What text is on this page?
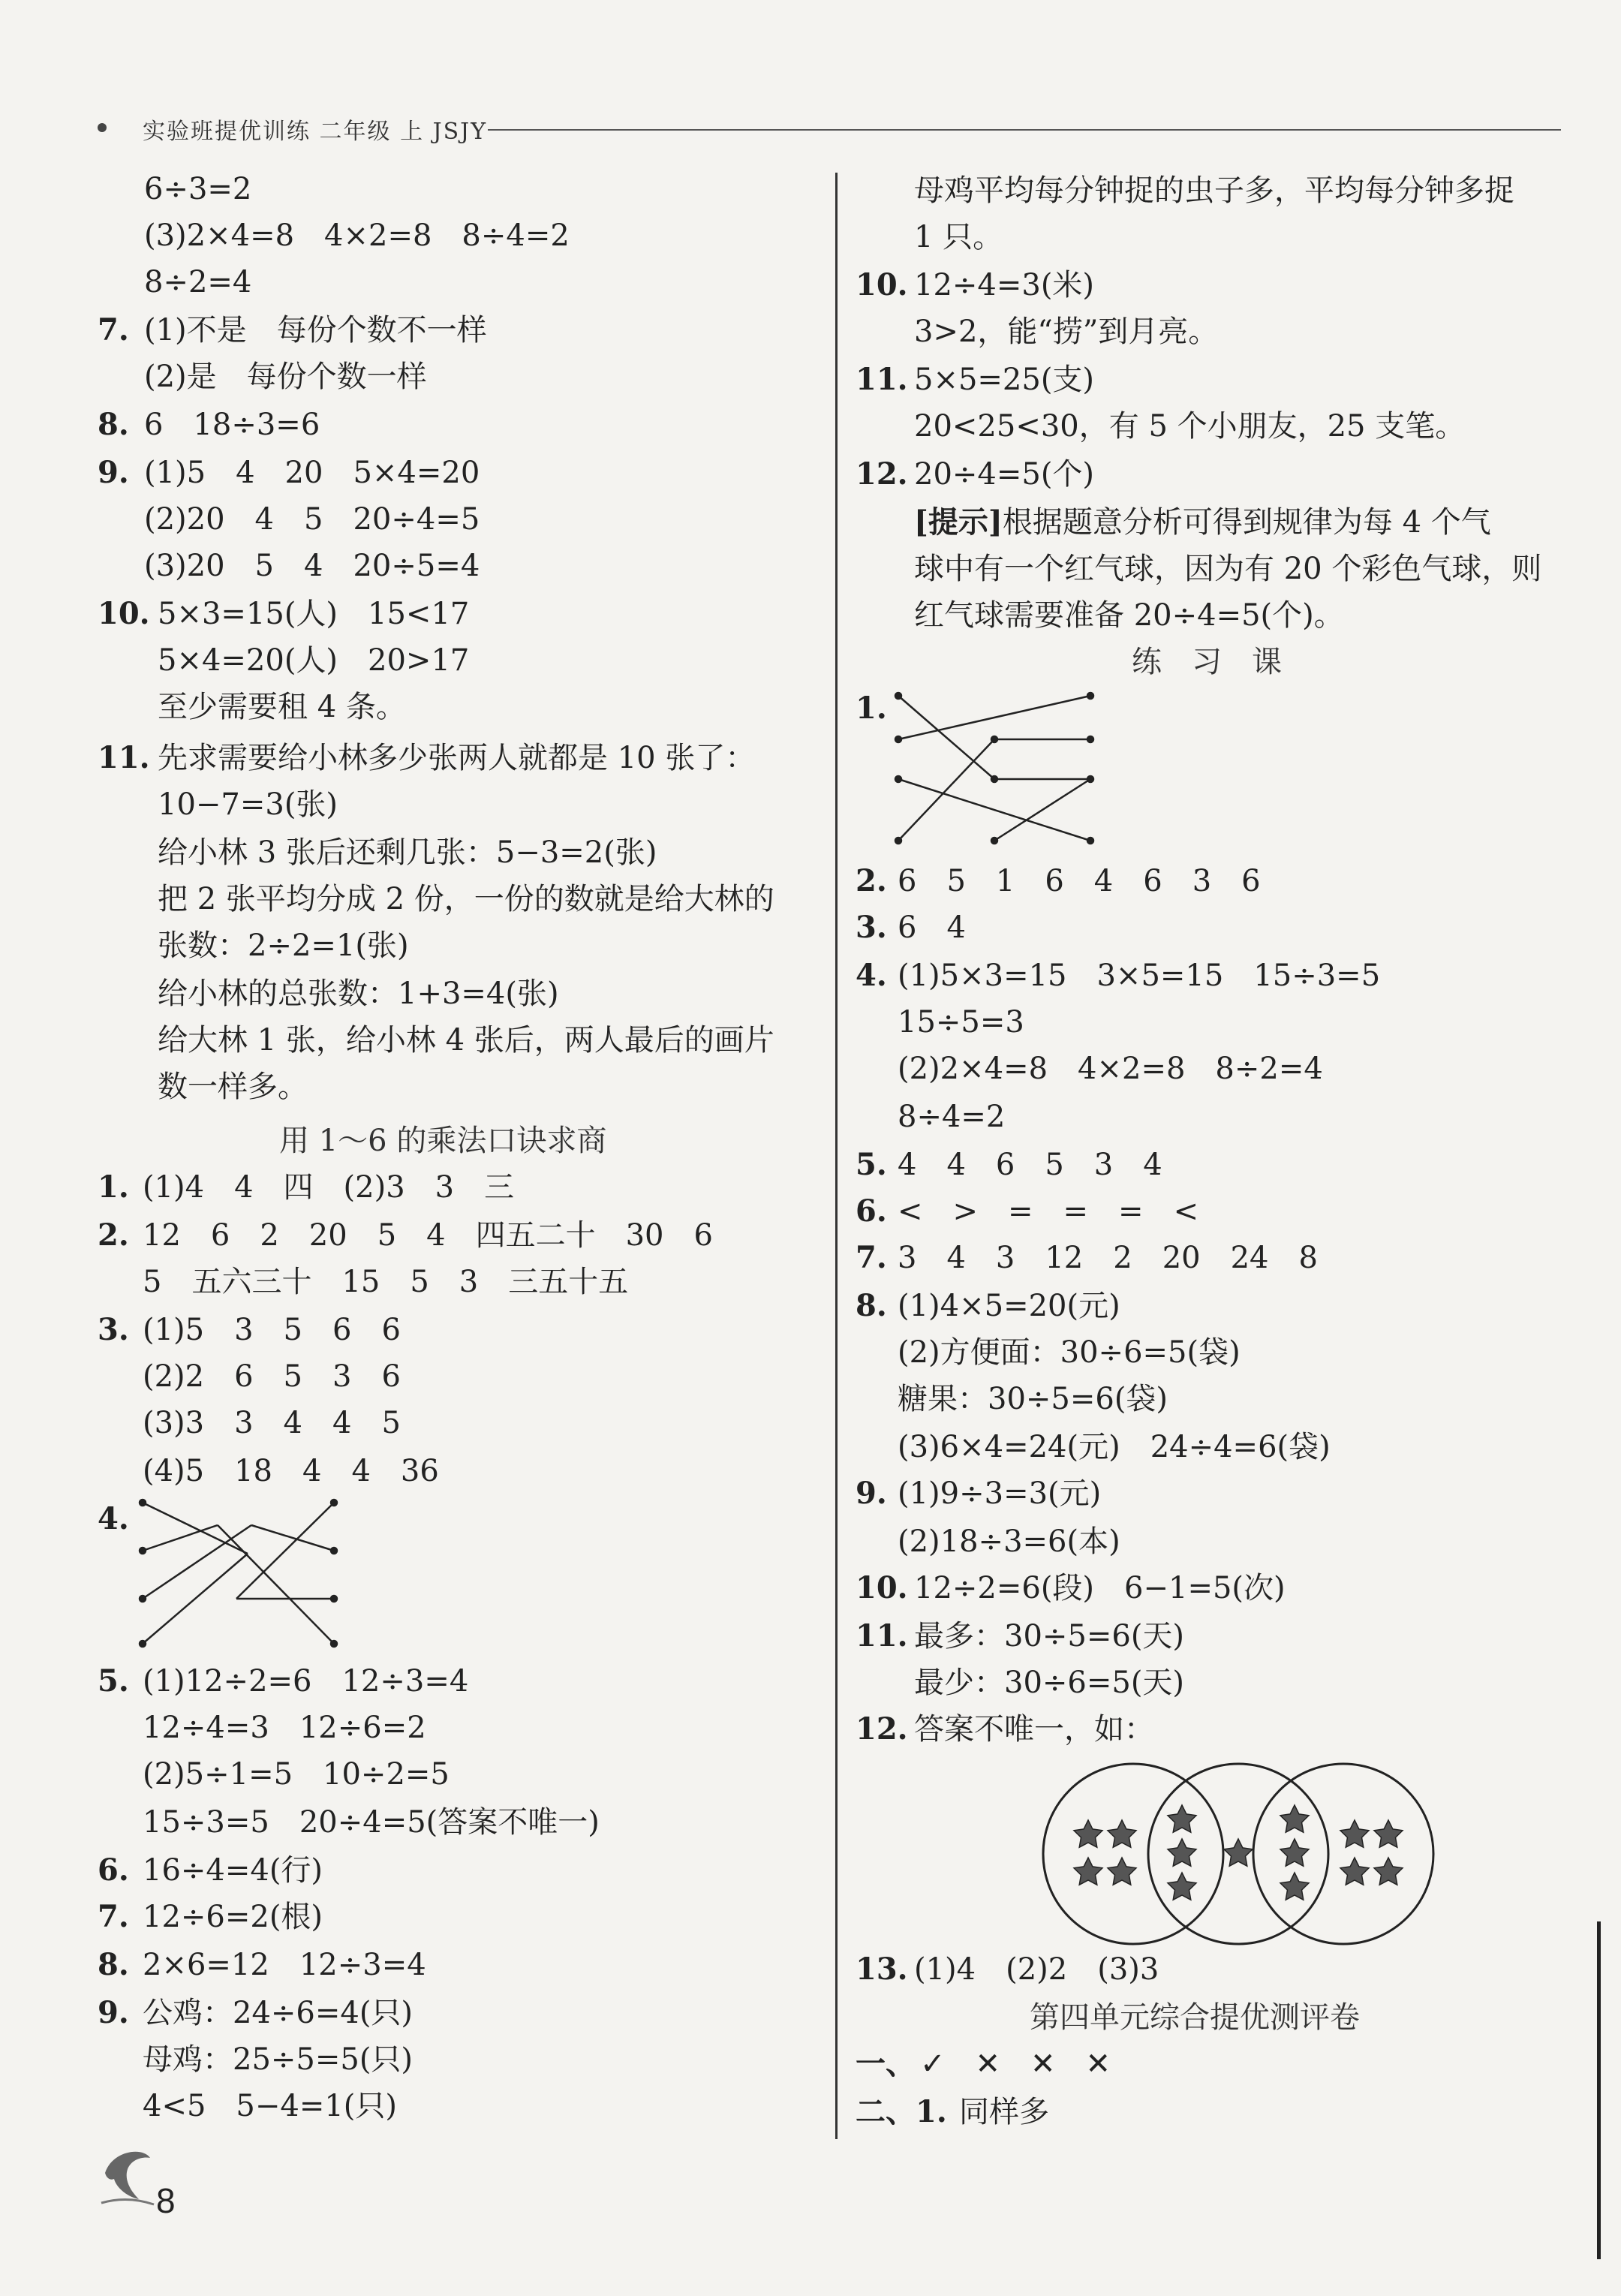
实验班提优训练 二年级 上 JSJY
6÷3=2
(3)2×4=8　4×2=8　8÷4=2
8÷2=4
7. (1)不是　每份个数不一样
(2)是　每份个数一样
8. 6　18÷3=6
9. (1)5　4　20　5×4=20
(2)20　4　5　20÷4=5
(3)20　5　4　20÷5=4
10. 5×3=15(人)　15<17
5×4=20(人)　20>17
至少需要租 4 条。
11. 先求需要给小林多少张两人就都是 10 张了：
10−7=3(张)
给小林 3 张后还剩几张：5−3=2(张)
把 2 张平均分成 2 份，一份的数就是给大林的
张数：2÷2=1(张)
给小林的总张数：1+3=4(张)
给大林 1 张，给小林 4 张后，两人最后的画片
数一样多。
用 1～6 的乘法口诀求商
1. (1)4　4　四　(2)3　3　三
2. 12　6　2　20　5　4　四五二十　30　6
5　五六三十　15　5　3　三五十五
3. (1)5　3　5　6　6
(2)2　6　5　3　6
(3)3　3　4　4　5
(4)5　18　4　4　36
4.
5. (1)12÷2=6　12÷3=4
12÷4=3　12÷6=2
(2)5÷1=5　10÷2=5
15÷3=5　20÷4=5(答案不唯一)
6. 16÷4=4(行)
7. 12÷6=2(根)
8. 2×6=12　12÷3=4
9. 公鸡：24÷6=4(只)
母鸡：25÷5=5(只)
4<5　5−4=1(只)
母鸡平均每分钟捉的虫子多，平均每分钟多捉
1 只。
10. 12÷4=3(米)
3>2，能“捞”到月亮。
11. 5×5=25(支)
20<25<30，有 5 个小朋友，25 支笔。
12. 20÷4=5(个)
[提示]根据题意分析可得到规律为每 4 个气
球中有一个红气球，因为有 20 个彩色气球，则
红气球需要准备 20÷4=5(个)。
练　习　课
1.
2. 6　5　1　6　4　6　3　6
3. 6　4
4. (1)5×3=15　3×5=15　15÷3=5
15÷5=3
(2)2×4=8　4×2=8　8÷2=4
8÷4=2
5. 4　4　6　5　3　4
6. <　>　=　=　=　<
7. 3　4　3　12　2　20　24　8
8. (1)4×5=20(元)
(2)方便面：30÷6=5(袋)
糖果：30÷5=6(袋)
(3)6×4=24(元)　24÷4=6(袋)
9. (1)9÷3=3(元)
(2)18÷3=6(本)
10. 12÷2=6(段)　6−1=5(次)
11. 最多：30÷5=6(天)
最少：30÷6=5(天)
12. 答案不唯一，如：
13. (1)4　(2)2　(3)3
第四单元综合提优测评卷
一、 ✓　✕　✕　✕
二、1. 同样多
8
